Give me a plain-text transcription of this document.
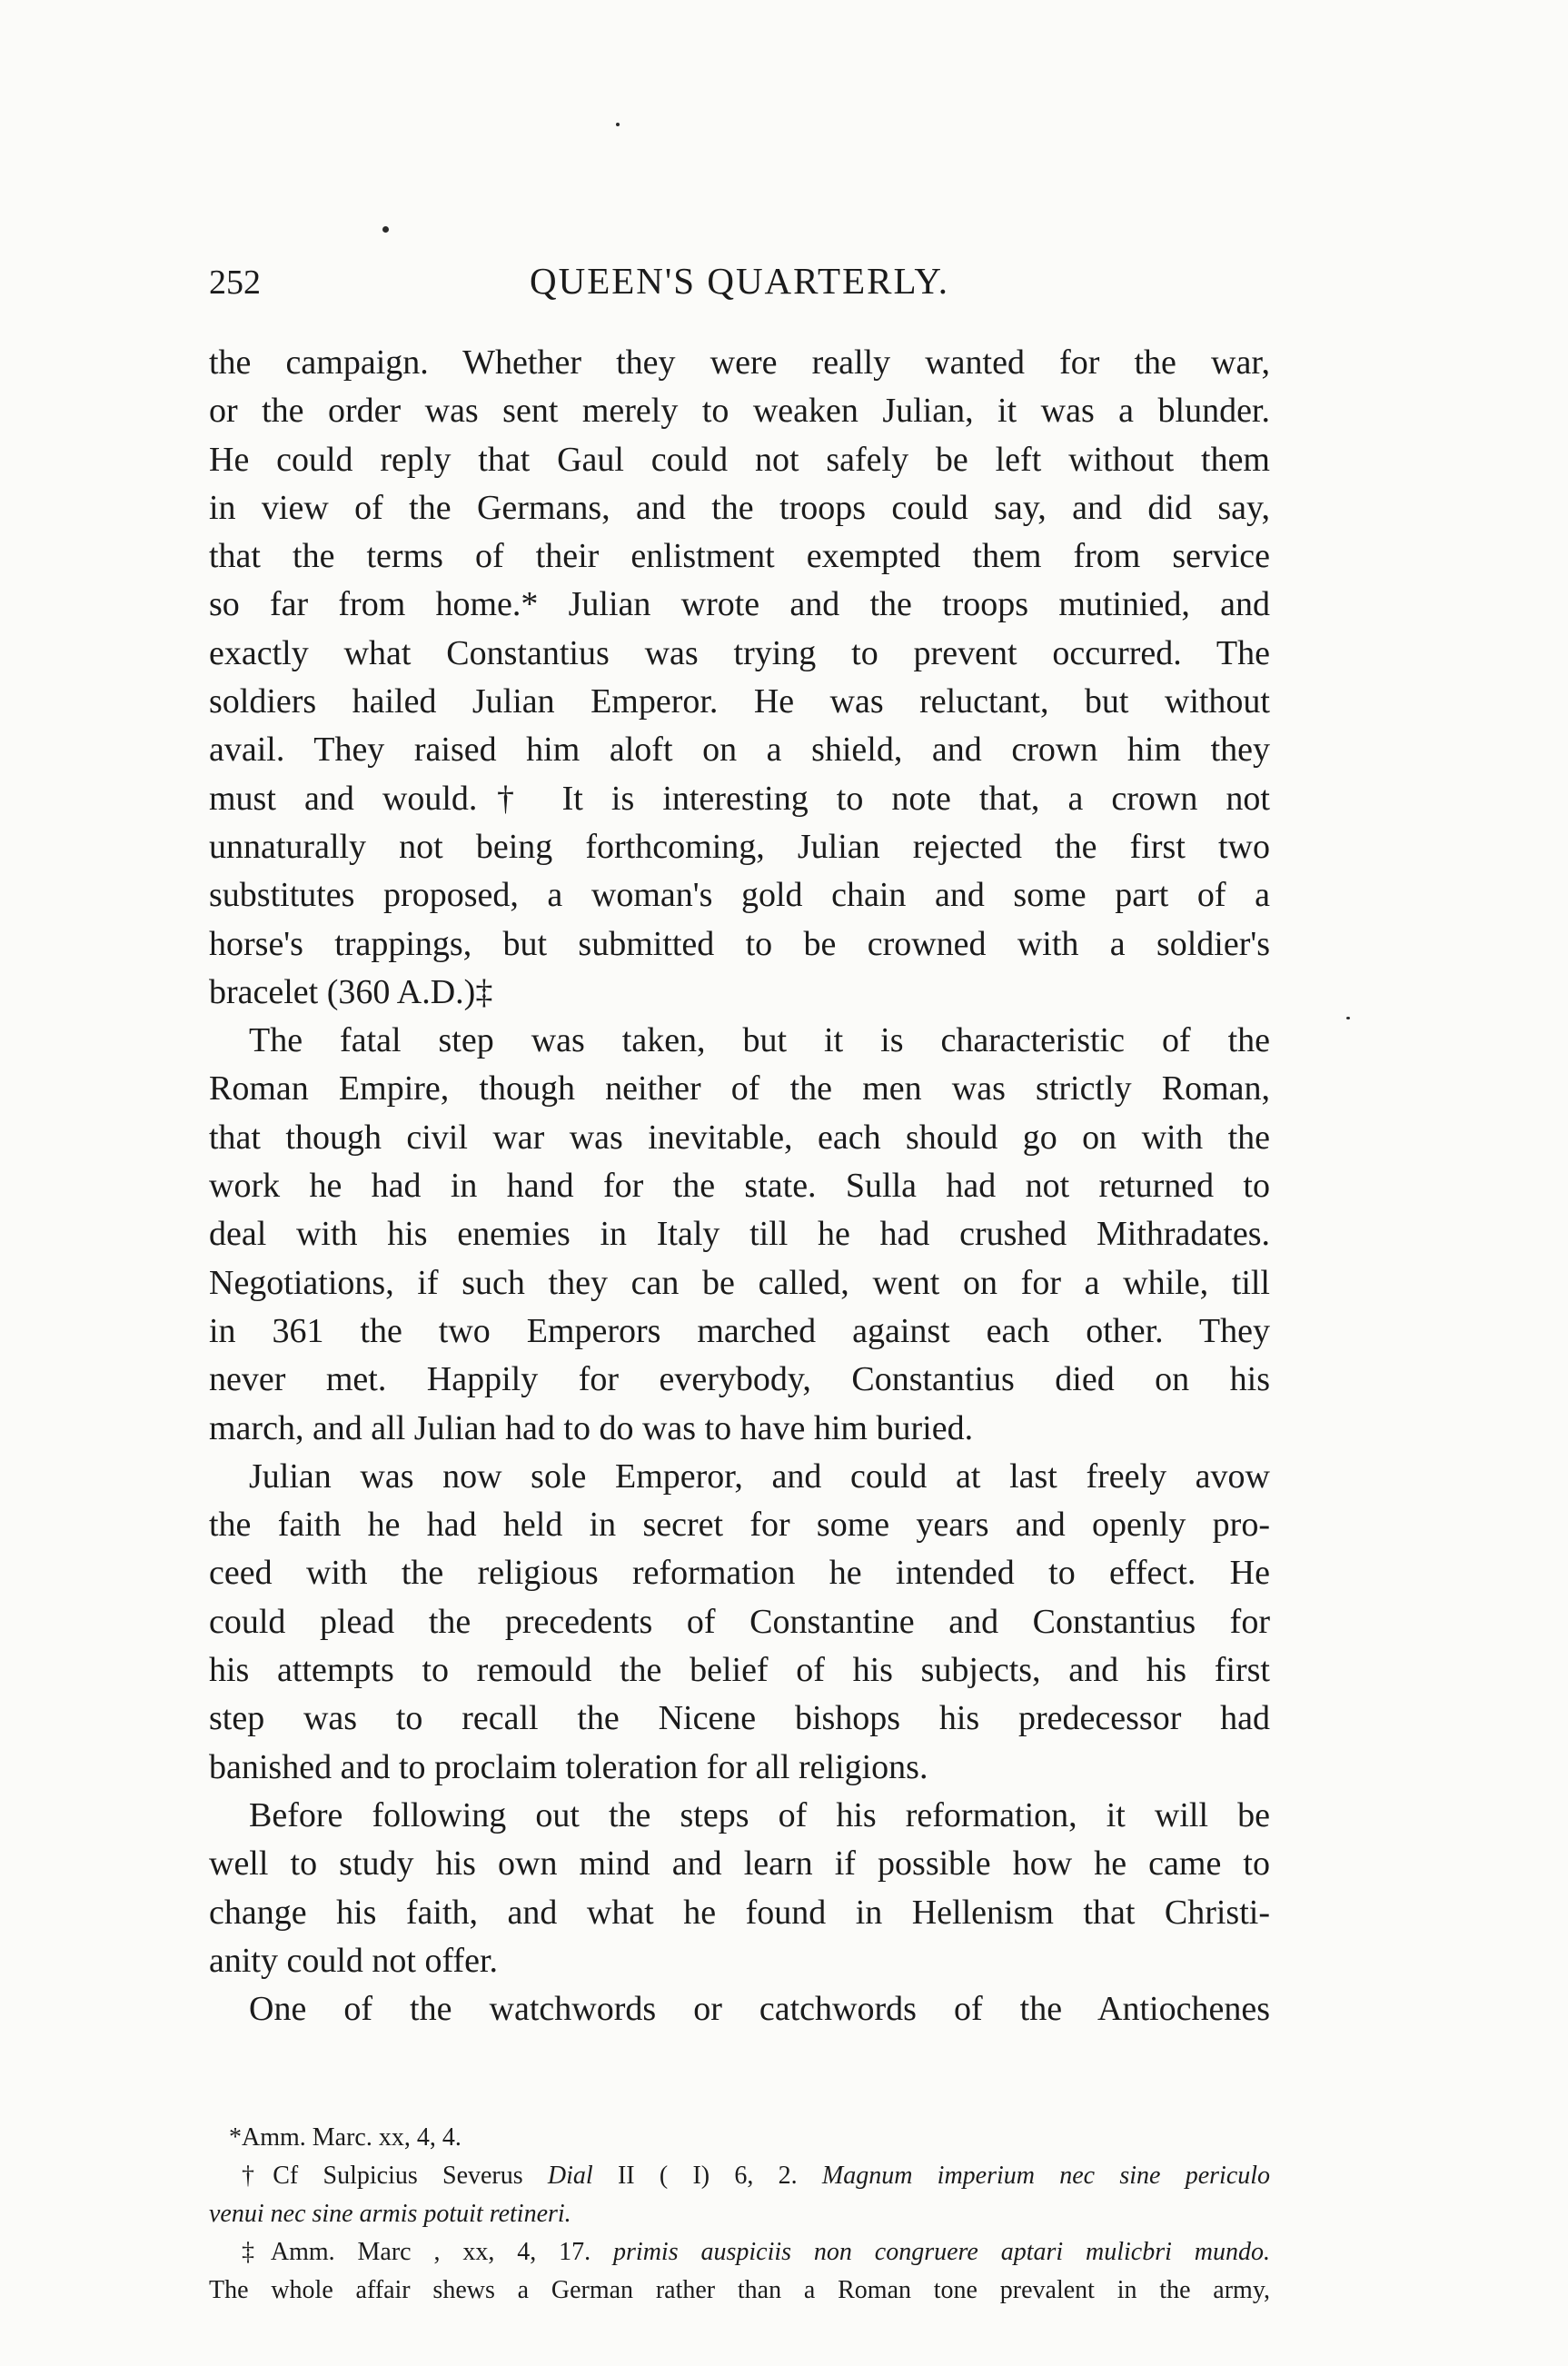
252	QUEEN'S QUARTERLY.
the campaign. Whether they were really wanted for the war,
or the order was sent merely to weaken Julian, it was a blunder.
He could reply that Gaul could not safely be left without them
in view of the Germans, and the troops could say, and did say,
that the terms of their enlistment exempted them from service
so far from home.* Julian wrote and the troops mutinied, and
exactly what Constantius was trying to prevent occurred. The
soldiers hailed Julian Emperor. He was reluctant, but without
avail. They raised him aloft on a shield, and crown him they
must and would.† It is interesting to note that, a crown not
unnaturally not being forthcoming, Julian rejected the first two
substitutes proposed, a woman's gold chain and some part of a
horse's trappings, but submitted to be crowned with a soldier's
bracelet (360 A.D.)‡
The fatal step was taken, but it is characteristic of the
Roman Empire, though neither of the men was strictly Roman,
that though civil war was inevitable, each should go on with the
work he had in hand for the state. Sulla had not returned to
deal with his enemies in Italy till he had crushed Mithradates.
Negotiations, if such they can be called, went on for a while, till
in 361 the two Emperors marched against each other. They
never met. Happily for everybody, Constantius died on his
march, and all Julian had to do was to have him buried.
Julian was now sole Emperor, and could at last freely avow
the faith he had held in secret for some years and openly pro-
ceed with the religious reformation he intended to effect. He
could plead the precedents of Constantine and Constantius for
his attempts to remould the belief of his subjects, and his first
step was to recall the Nicene bishops his predecessor had
banished and to proclaim toleration for all religions.
Before following out the steps of his reformation, it will be
well to study his own mind and learn if possible how he came to
change his faith, and what he found in Hellenism that Christi-
anity could not offer.
One of the watchwords or catchwords of the Antiochenes
*Amm. Marc. xx, 4, 4.
†Cf Sulpicius Severus Dial II ( I) 6, 2. Magnum imperium nec sine periculo
venui nec sine armis potuit retineri.
‡Amm. Marc , xx, 4, 17. primis auspiciis non congruere aptari mulicbri mundo.
The whole affair shews a German rather than a Roman tone prevalent in the army,
